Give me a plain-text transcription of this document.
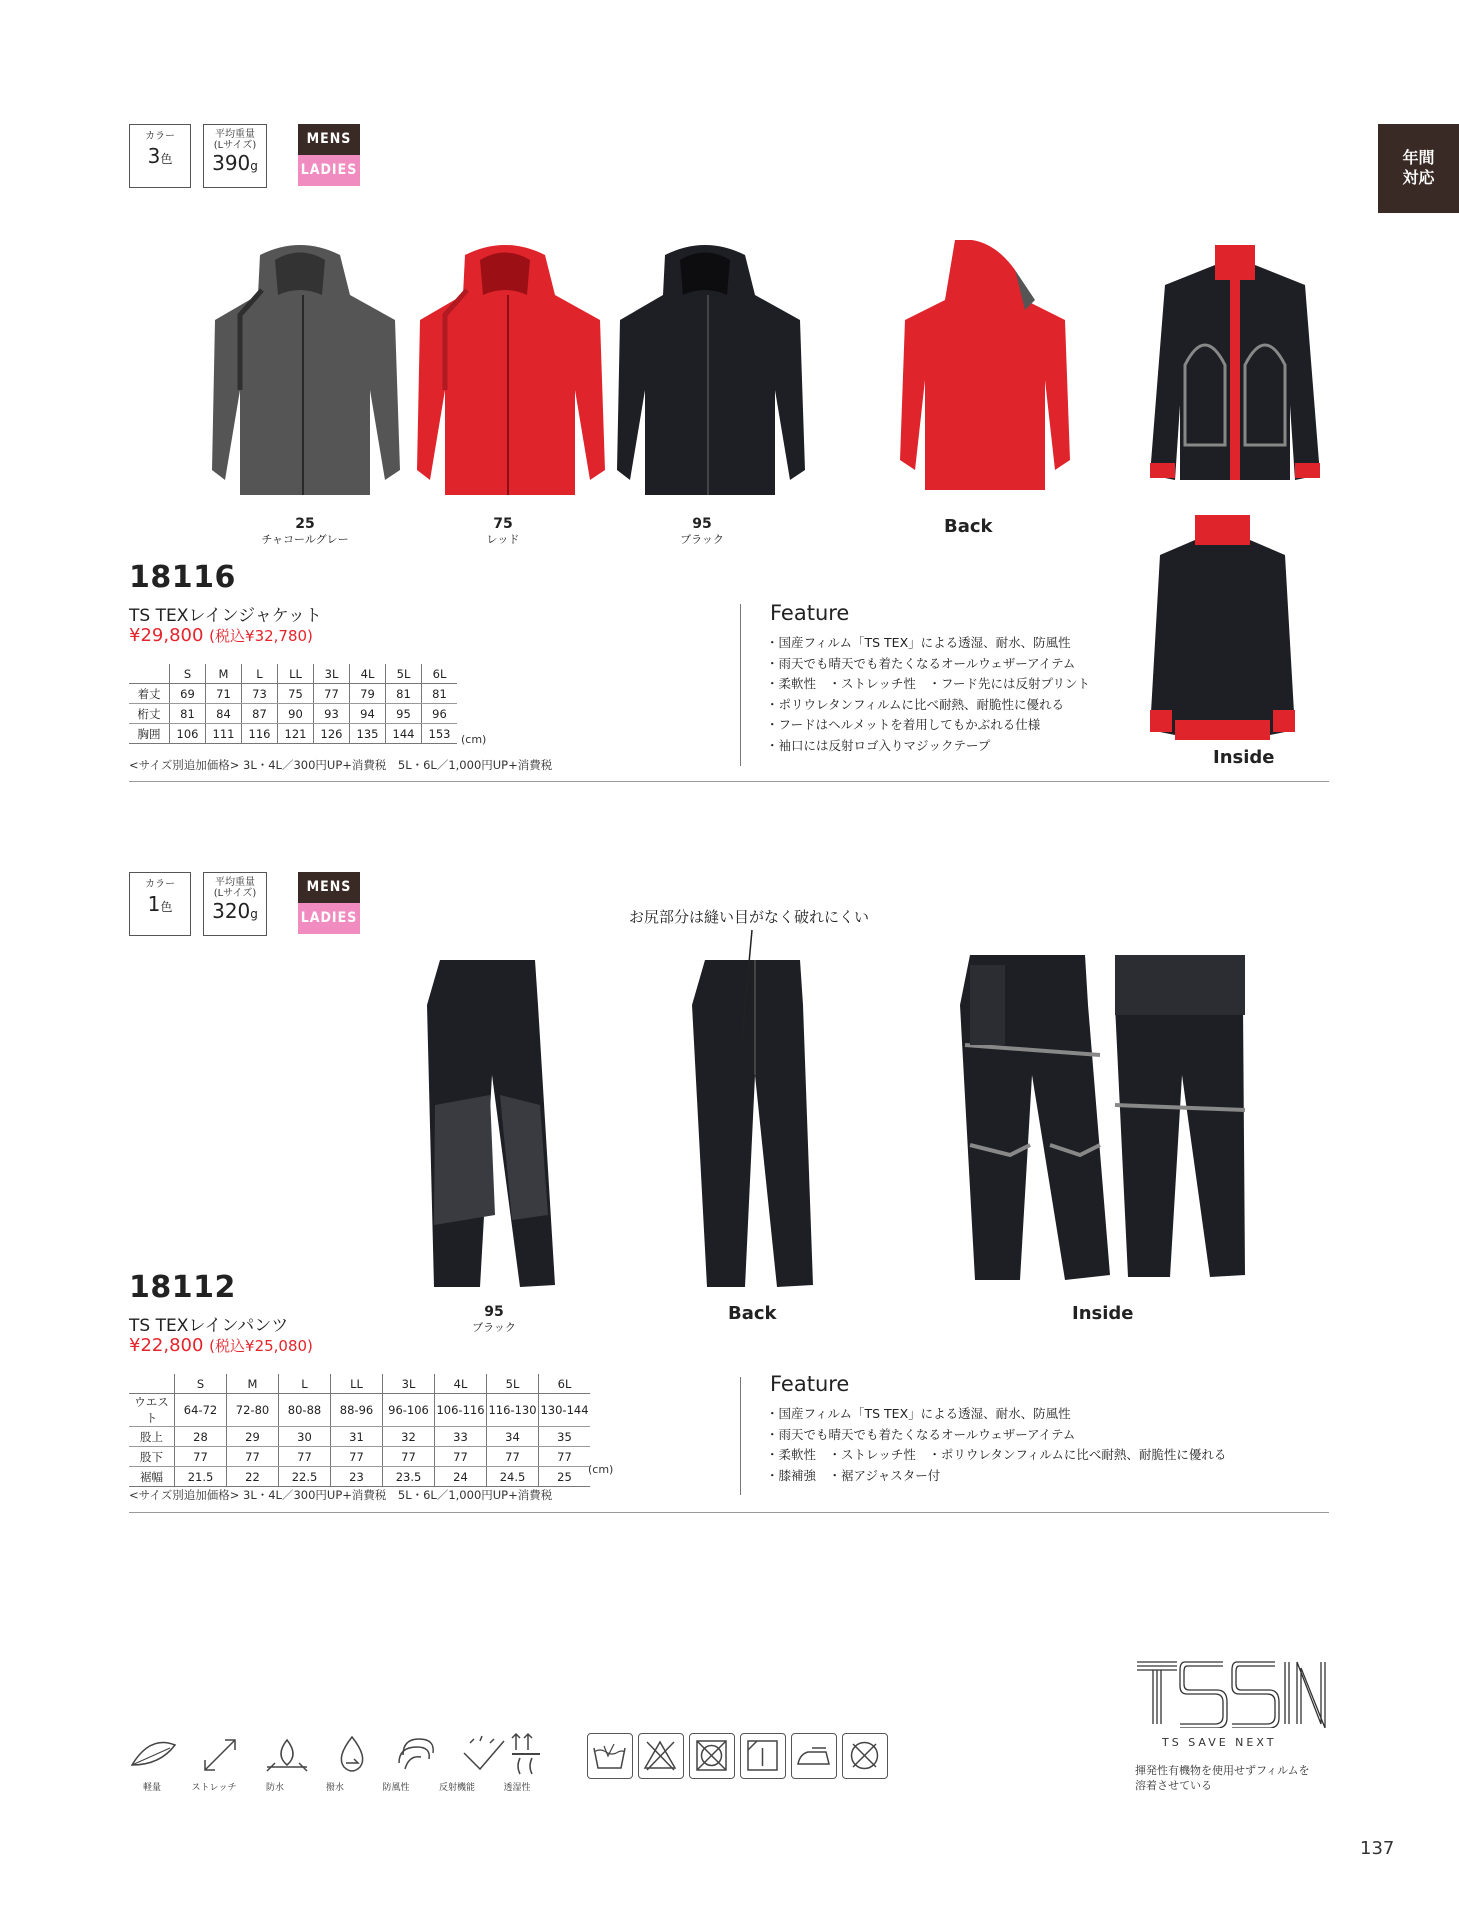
年間
対応
カラー
3色
平均重量
(Lサイズ)
390g
MENS
LADIES
25
チャコールグレー
75
レッド
95
ブラック
Back
Inside
18116
TS TEXレインジャケット
¥29,800 (税込¥32,780)
	S	M	L	LL	3L	4L	5L	6L
着丈	69	71	73	75	77	79	81	81
桁丈	81	84	87	90	93	94	95	96
胸囲	106	111	116	121	126	135	144	153 (cm)
<サイズ別追加価格> 3L・4L／300円UP+消費税　5L・6L／1,000円UP+消費税
Feature
・国産フィルム「TS TEX」による透湿、耐水、防風性
・雨天でも晴天でも着たくなるオールウェザーアイテム
・柔軟性　・ストレッチ性　・フード先には反射プリント
・ポリウレタンフィルムに比べ耐熱、耐脆性に優れる
・フードはヘルメットを着用してもかぶれる仕様
・袖口には反射ロゴ入りマジックテープ
カラー
1色
平均重量
(Lサイズ)
320g
MENS
LADIES	お尻部分は縫い目がなく破れにくい
95
ブラック
Back	Inside
18112
TS TEXレインパンツ
¥22,800 (税込¥25,080)
	S	M	L	LL	3L	4L	5L	6L
ウエスト	64-72	72-80	80-88	88-96	96-106	106-116	116-130	130-144
股上	28	29	30	31	32	33	34	35
股下	77	77	77	77	77	77	77	77
裾幅	21.5	22	22.5	23	23.5	24	24.5	25 (cm)
<サイズ別追加価格> 3L・4L／300円UP+消費税　5L・6L／1,000円UP+消費税
Feature
・国産フィルム「TS TEX」による透湿、耐水、防風性
・雨天でも晴天でも着たくなるオールウェザーアイテム
・柔軟性　・ストレッチ性　・ポリウレタンフィルムに比べ耐熱、耐脆性に優れる
・膝補強　・裾アジャスター付
軽量	ストレッチ	防水	撥水	防風性	反射機能	透湿性
TS SAVE NEXT
揮発性有機物を使用せずフィルムを
溶着させている
137
